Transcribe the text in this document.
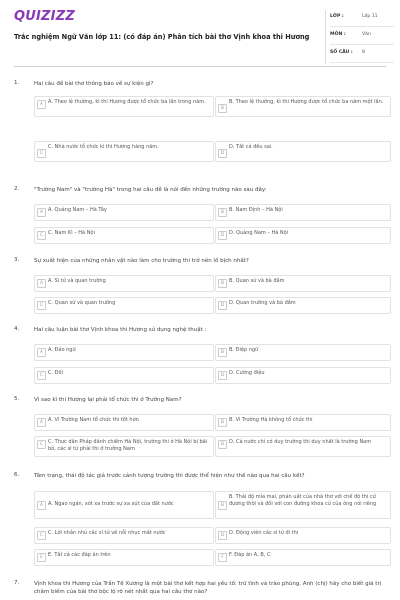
QUIZIZZ
Trắc nghiệm Ngữ Văn lớp 11: (có đáp án) Phân tích bài thơ Vịnh khoa thi Hương
LỚP :	Lớp 11
MÔN :	Văn
SỐ CÂU :	8
1.	Hai câu đề bài thơ thông báo về sự kiện gì?
A	A. Theo lệ thường, kì thi Hương được tổ chức ba lần trong năm.
B
B. Theo lệ thường, kì thi Hương được tổ chức ba năm một lần.
C
C. Nhà nước tổ chức kì thi Hương hàng năm.
D
D. Tất cả đều sai.
2.	"Trường Nam" và "trường Hà" trong hai câu đề là nói đến những trường nào sau đây:
A	A. Quảng Nam – Hà Tây	B	B. Nam Định – Hà Nội
C C. Nam Kì – Hà Nội	D D. Quảng Nam – Hà Nội
3.	Sự xuất hiện của những nhân vật nào làm cho trường thi trở nên lố bịch nhất?
A	A. Sĩ tử và quan trường	B	B. Quan sứ và bà đầm
C C. Quan sứ và quan trường	D D. Quan trường và bà đầm
4.	Hai câu luận bài thơ Vịnh khoa thi Hương sử dụng nghệ thuật :
A	A. Đảo ngữ	B	B. Điệp ngữ
C C. Đối	D D. Cường điệu
5.	Vì sao kì thi Hương lại phải tổ chức thi ở Trường Nam?
A	A. Vì Trường Nam tổ chức thi tốt hơn	B	B. Vì Trường Hà không tổ chức thi
C C. Thực dân Pháp đánh chiếm Hà Nội, trường thi ở Hà Nội bị bãi bỏ, các sĩ tử phải thi ở trường Nam
D D. Cả nước chỉ có duy trường thi duy nhất là trường Nam
6.	Tâm trạng, thái độ tác giả trước cảnh tượng trường thi được thể hiện như thế nào qua hai câu kết?
A	A. Ngao ngán, xót xa trước sự xa xút của đất nước	B
B. Thái độ mỉa mai, phản uất của nhà thơ với chế độ thi cử đương thời và đối với con đường khoa cử của ông nói riêng
C C. Lời nhắn nhủ các sĩ tử về nỗi nhục mất nước	D D. Động viên các sĩ tử đi thi
E	E. Tất cả các đáp án trên	F	F. Đáp án A, B, C
7.	Vịnh khoa thi Hương của Trần Tế Xương là một bài thơ kết hợp hai yếu tố: trữ tình và trào phúng. Anh (chị) hãy cho biết giá trị châm biếm của bài thơ bộc lộ rõ nét nhất qua hai câu thơ nào?
